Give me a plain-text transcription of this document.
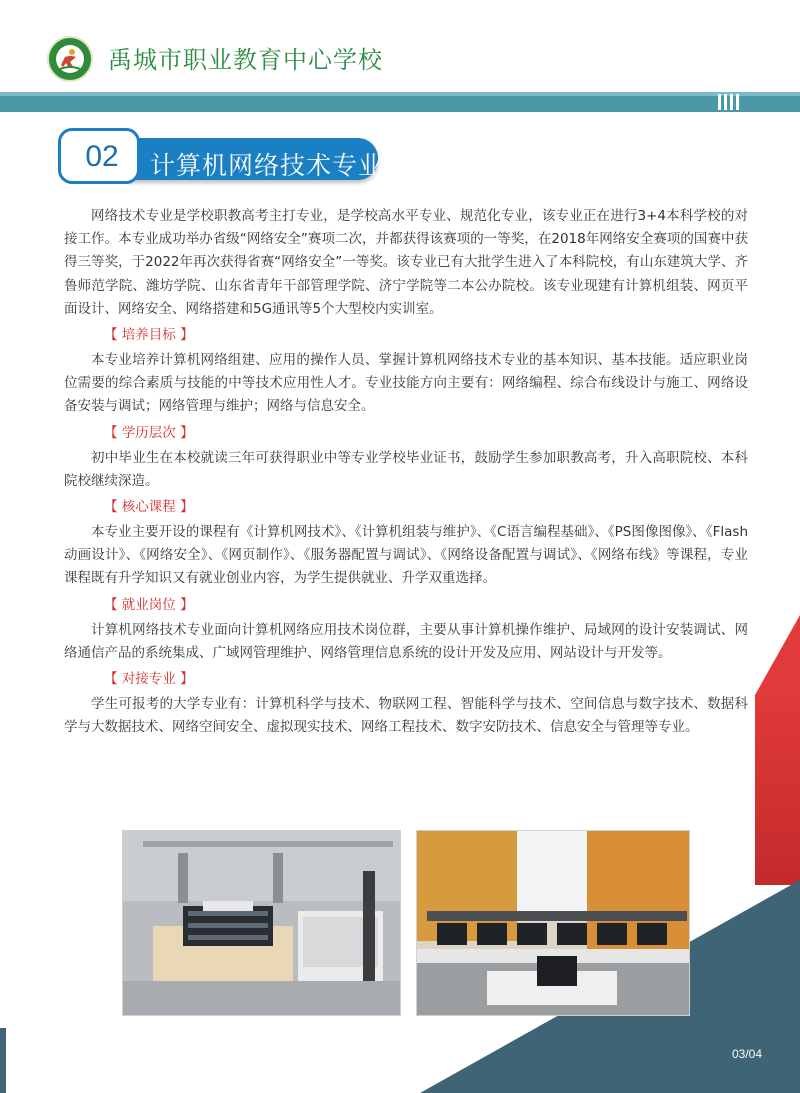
禹城市职业教育中心学校
02	计算机网络技术专业

网络技术专业是学校职教高考主打专业，是学校高水平专业、规范化专业，该专业正在进行3+4本科学校的对接工作。本专业成功举办省级“网络安全”赛项二次，并都获得该赛项的一等奖，在2018年网络安全赛项的国赛中获得三等奖，于2022年再次获得省赛“网络安全”一等奖。该专业已有大批学生进入了本科院校，有山东建筑大学、齐鲁师范学院、潍坊学院、山东省青年干部管理学院、济宁学院等二本公办院校。该专业现建有计算机组装、网页平面设计、网络安全、网络搭建和5G通讯等5个大型校内实训室。

【 培养目标 】

本专业培养计算机网络组建、应用的操作人员、掌握计算机网络技术专业的基本知识、基本技能。适应职业岗位需要的综合素质与技能的中等技术应用性人才。专业技能方向主要有：网络编程、综合布线设计与施工、网络设备安装与调试；网络管理与维护；网络与信息安全。

【 学历层次 】

初中毕业生在本校就读三年可获得职业中等专业学校毕业证书，鼓励学生参加职教高考，升入高职院校、本科院校继续深造。

【 核心课程 】

本专业主要开设的课程有《计算机网技术》、《计算机组装与维护》、《C语言编程基础》、《PS图像图像》、《Flash动画设计》、《网络安全》、《网页制作》、《服务器配置与调试》、《网络设备配置与调试》、《网络布线》等课程，专业课程既有升学知识又有就业创业内容，为学生提供就业、升学双重选择。

【 就业岗位 】

计算机网络技术专业面向计算机网络应用技术岗位群，主要从事计算机操作维护、局域网的设计安装调试、网络通信产品的系统集成、广域网管理维护、网络管理信息系统的设计开发及应用、网站设计与开发等。

【 对接专业 】

学生可报考的大学专业有：计算机科学与技术、物联网工程、智能科学与技术、空间信息与数字技术、数据科学与大数据技术、网络空间安全、虚拟现实技术、网络工程技术、数字安防技术、信息安全与管理等专业。

03/04
